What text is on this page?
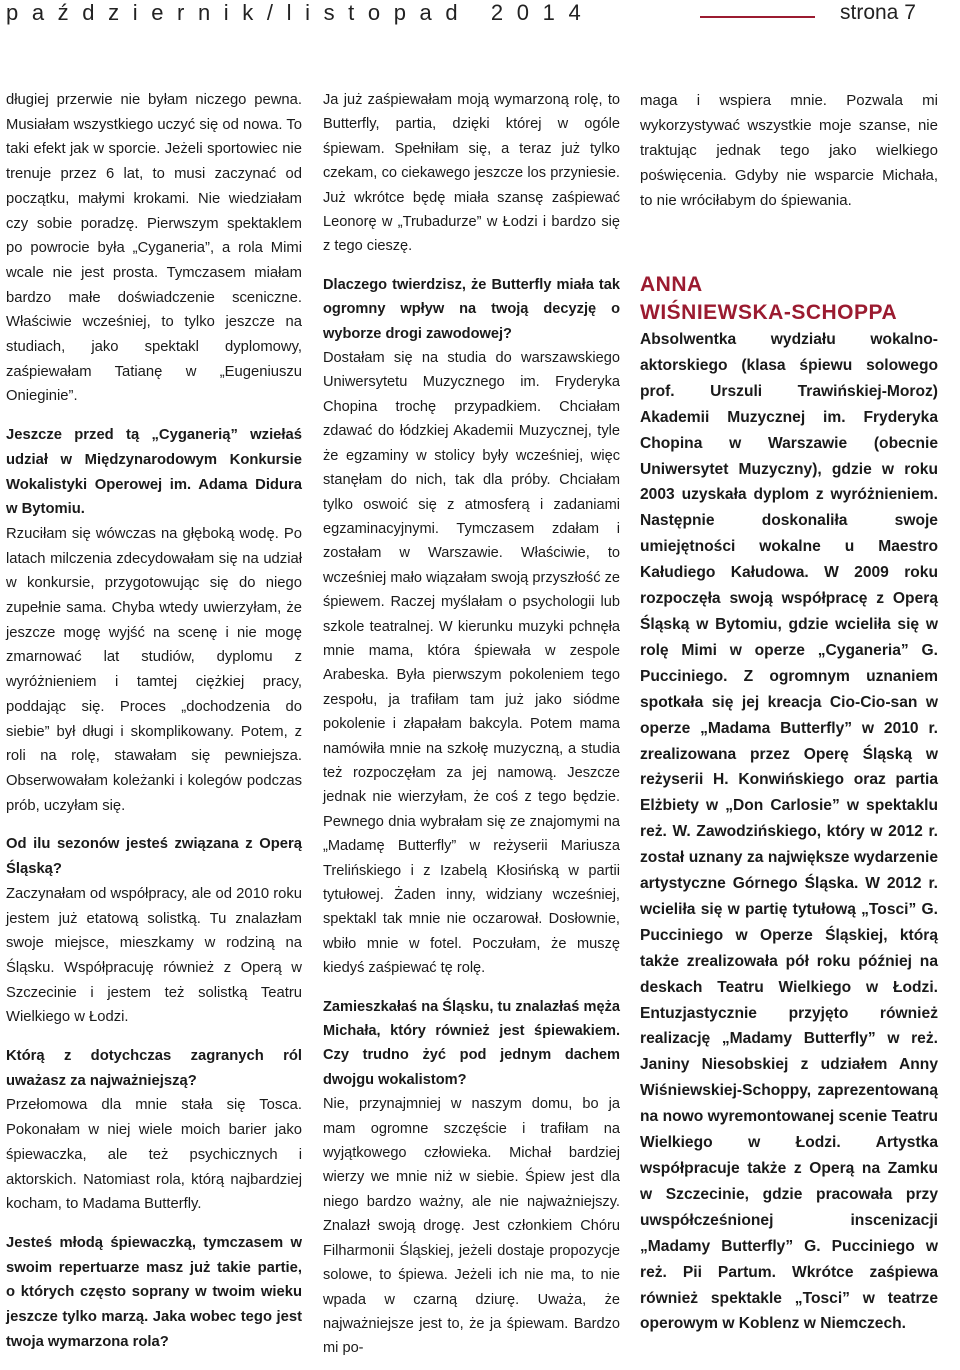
październik/listopad 2014	strona 7

długiej przerwie nie byłam niczego pewna. Musiałam wszystkiego uczyć się od nowa. To taki efekt jak w sporcie. Jeżeli sportowiec nie trenuje przez 6 lat, to musi zaczynać od początku, małymi krokami. Nie wiedziałam czy sobie poradzę. Pierwszym spektaklem po powrocie była „Cyganeria”, a rola Mimi wcale nie jest prosta. Tymczasem miałam bardzo małe doświadczenie sceniczne. Właściwie wcześniej, to tylko jeszcze na studiach, jako spektakl dyplomowy, zaśpiewałam Tatianę w „Eugeniuszu Onieginie”.

Jeszcze przed tą „Cyganerią” wziełaś udział w Międzynarodowym Konkursie Wokalistyki Operowej im. Adama Didura w Bytomiu.

Rzuciłam się wówczas na głęboką wodę. Po latach milczenia zdecydowałam się na udział w konkursie, przygotowując się do niego zupełnie sama. Chyba wtedy uwierzyłam, że jeszcze mogę wyjść na scenę i nie mogę zmarnować lat studiów, dyplomu z wyróżnieniem i tamtej ciężkiej pracy, poddając się. Proces „dochodzenia do siebie” był długi i skomplikowany. Potem, z roli na rolę, stawałam się pewniejsza. Obserwowałam koleżanki i kolegów podczas prób, uczyłam się.

Od ilu sezonów jesteś związana z Operą Śląską?

Zaczynałam od współpracy, ale od 2010 roku jestem już etatową solistką. Tu znalazłam swoje miejsce, mieszkamy w rodziną na Śląsku. Współpracuję również z Operą w Szczecinie i jestem też solistką Teatru Wielkiego w Łodzi.

Którą z dotychczas zagranych ról uważasz za najważniejszą?

Przełomowa dla mnie stała się Tosca. Pokonałam w niej wiele moich barier jako śpiewaczka, ale też psychicznych i aktorskich. Natomiast rola, którą najbardziej kocham, to Madama Butterfly.

Jesteś młodą śpiewaczką, tymczasem w swoim repertuarze masz już takie partie, o których często soprany w twoim wieku jeszcze tylko marzą. Jaka wobec tego jest twoja wymarzona rola?

Ja już zaśpiewałam moją wymarzoną rolę, to Butterfly, partia, dzięki której w ogóle śpiewam. Spełniłam się, a teraz już tylko czekam, co ciekawego jeszcze los przyniesie. Już wkrótce będę miała szansę zaśpiewać Leonorę w „Trubadurze” w Łodzi i bardzo się z tego cieszę.

Dlaczego twierdzisz, że Butterfly miała tak ogromny wpływ na twoją decyzję o wyborze drogi zawodowej?

Dostałam się na studia do warszawskiego Uniwersytetu Muzycznego im. Fryderyka Chopina trochę przypadkiem. Chciałam zdawać do łódzkiej Akademii Muzycznej, tyle że egzaminy w stolicy były wcześniej, więc stanęłam do nich, tak dla próby. Chciałam tylko oswoić się z atmosferą i zadaniami egzaminacyjnymi. Tymczasem zdałam i zostałam w Warszawie. Właściwie, to wcześniej mało wiązałam swoją przyszłość ze śpiewem. Raczej myślałam o psychologii lub szkole teatralnej. W kierunku muzyki pchnęła mnie mama, która śpiewała w zespole Arabeska. Była pierwszym pokoleniem tego zespołu, ja trafiłam tam już jako siódme pokolenie i złapałam bakcyla. Potem mama namówiła mnie na szkołę muzyczną, a studia też rozpoczęłam za jej namową. Jeszcze jednak nie wierzyłam, że coś z tego będzie. Pewnego dnia wybrałam się ze znajomymi na „Madamę Butterfly” w reżyserii Mariusza Trelińskiego i z Izabelą Kłosińską w partii tytułowej. Żaden inny, widziany wcześniej, spektakl tak mnie nie oczarował. Dosłownie, wbiło mnie w fotel. Poczułam, że muszę kiedyś zaśpiewać tę rolę.

Zamieszkałaś na Śląsku, tu znalazłaś męża Michała, który również jest śpiewakiem. Czy trudno żyć pod jednym dachem dwojgu wokalistom?

Nie, przynajmniej w naszym domu, bo ja mam ogromne szczęście i trafiłam na wyjątkowego człowieka. Michał bardziej wierzy we mnie niż w siebie. Śpiew jest dla niego bardzo ważny, ale nie najważniejszy. Znalazł swoją drogę. Jest członkiem Chóru Filharmonii Śląskiej, jeżeli dostaje propozycje solowe, to śpiewa. Jeżeli ich nie ma, to nie wpada w czarną dziurę. Uważa, że najważniejsze jest to, że ja śpiewam. Bardzo mi po-

maga i wspiera mnie. Pozwala mi wykorzystywać wszystkie moje szanse, nie traktując jednak tego jako wielkiego poświęcenia. Gdyby nie wsparcie Michała, to nie wróciłabym do śpiewania.

ANNA

WIŚNIEWSKA-SCHOPPA

Absolwentka wydziału wokalno-aktorskiego (klasa śpiewu solowego prof. Urszuli Trawińskiej-Moroz) Akademii Muzycznej im. Fryderyka Chopina w Warszawie (obecnie Uniwersytet Muzyczny), gdzie w roku 2003 uzyskała dyplom z wyróżnieniem. Następnie doskonaliła swoje umiejętności wokalne u Maestro Kałudiego Kałudowa. W 2009 roku rozpoczęła swoją współpracę z Operą Śląską w Bytomiu, gdzie wcieliła się w rolę Mimi w operze „Cyganeria” G. Pucciniego. Z ogromnym uznaniem spotkała się jej kreacja Cio-Cio-san w operze „Madama Butterfly” w 2010 r. zrealizowana przez Operę Śląską w reżyserii H. Konwińskiego oraz partia Elżbiety w „Don Carlosie” w spektaklu reż. W. Zawodzińskiego, który w 2012 r. został uznany za największe wydarzenie artystyczne Górnego Śląska. W 2012 r. wcieliła się w partię tytułową „Tosci” G. Pucciniego w Operze Śląskiej, którą także zrealizowała pół roku później na deskach Teatru Wielkiego w Łodzi. Entuzjastycznie przyjęto również realizację „Madamy Butterfly” w reż. Janiny Niesobskiej z udziałem Anny Wiśniewskiej-Schoppy, zaprezentowaną na nowo wyremontowanej scenie Teatru Wielkiego w Łodzi. Artystka współpracuje także z Operą na Zamku w Szczecinie, gdzie pracowała przy uwspółcześnionej inscenizacji „Madamy Butterfly” G. Pucciniego w reż. Pii Partum. Wkrótce zaśpiewa również spektakle „Tosci” w teatrze operowym w Koblenz w Niemczech.
